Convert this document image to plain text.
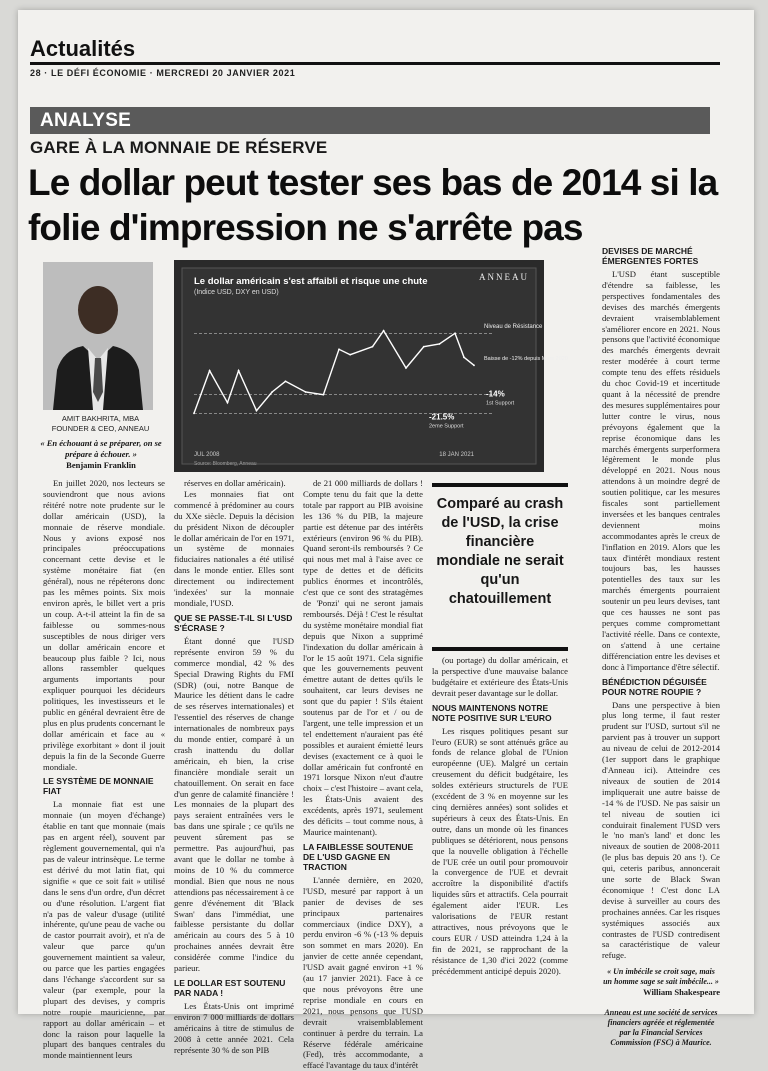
Actualités
28 · LE DÉFI ÉCONOMIE · MERCREDI 20 JANVIER 2021
ANALYSE
GARE À LA MONNAIE DE RÉSERVE
Le dollar peut tester ses bas de 2014 si la folie d'impression ne s'arrête pas
AMIT BAKHRITA, MBA
FOUNDER & CEO, ANNEAU
« En échouant à se préparer, on se prépare à échouer. »
Benjamin Franklin
Le dollar américain s'est affaibli et risque une chute
(Indice USD, DXY en USD)
ANNEAU
Niveau de Résistance
Baisse de -12% depuis Mars 2020
-14%
1st Support
-21.5%
2eme Support
JUL 2008	18 JAN 2021
Source: Bloomberg, Anneau
Comparé au crash de l'USD, la crise financière mondiale ne serait qu'un chatouillement

En juillet 2020, nos lecteurs se souviendront que nous avions réitéré notre note prudente sur le dollar américain (USD), la monnaie de réserve mondiale. Nous y avions exposé nos principales préoccupations concernant cette devise et le système monétaire fiat (en général), nous ne répéterons donc pas les mêmes points. Six mois environ après, le billet vert a pris un coup. A-t-il atteint la fin de sa faiblesse ou sommes-nous susceptibles de nous diriger vers un dollar américain encore et beaucoup plus faible ? Ici, nous allons rassembler quelques arguments importants pour expliquer pourquoi les décideurs politiques, les investisseurs et le public en général devraient être de plus en plus prudents concernant le dollar américain et face au « privilège exorbitant » dont il jouit depuis la fin de la Seconde Guerre mondiale.

LE SYSTÈME DE MONNAIE FIAT

La monnaie fiat est une monnaie (un moyen d'échange) établie en tant que monnaie (mais pas en argent réel), souvent par règlement gouvernemental, qui n'a pas de valeur intrinsèque. Le terme est dérivé du mot latin fiat, qui signifie « que ce soit fait » utilisé dans le sens d'un ordre, d'un décret ou d'une résolution. L'argent fiat n'a pas de valeur d'usage (utilité inhérente, qu'une peau de vache ou de castor pourrait avoir), et n'a de valeur que parce qu'un gouvernement maintient sa valeur, ou parce que les parties engagées dans l'échange s'accordent sur sa valeur (par exemple, pour la plupart des devises, y compris notre roupie mauricienne, par rapport au dollar américain – et donc la raison pour laquelle la plupart des banques centrales du monde maintiennent leurs

réserves en dollar américain).

Les monnaies fiat ont commencé à prédominer au cours du XXe siècle. Depuis la décision du président Nixon de découpler le dollar américain de l'or en 1971, un système de monnaies fiduciaires nationales a été utilisé dans le monde entier. Elles sont directement ou indirectement 'indexées' sur la monnaie mondiale, l'USD.

QUE SE PASSE-T-IL SI L'USD S'ÉCRASE ?

Étant donné que l'USD représente environ 59 % du commerce mondial, 42 % des Special Drawing Rights du FMI (SDR) (oui, notre Banque de Maurice les détient dans le cadre de ses réserves internationales) et l'essentiel des réserves de change internationales de nombreux pays du monde entier, comparé à un crash inattendu du dollar américain, eh bien, la crise financière mondiale serait un chatouillement. On serait en face d'un genre de calamité financière ! Les monnaies de la plupart des pays seraient entraînées vers le bas dans une spirale ; ce qu'ils ne peuvent sûrement pas se permettre. Pas aujourd'hui, pas avant que le dollar ne tombe à moins de 10 % du commerce mondial. Bien que nous ne nous attendions pas nécessairement à ce genre d'événement dit 'Black Swan' dans l'immédiat, une faiblesse persistante du dollar américain au cours des 5 à 10 prochaines années devrait être considérée comme l'indice du parieur.

LE DOLLAR EST SOUTENU PAR NADA !

Les États-Unis ont imprimé environ 7 000 milliards de dollars américains à titre de stimulus de 2008 à cette année 2021. Cela représente 30 % de son PIB

de 21 000 milliards de dollars ! Compte tenu du fait que la dette totale par rapport au PIB avoisine les 136 % du PIB, la majeure partie est détenue par des intérêts extérieurs (environ 96 % du PIB). Quand seront-ils remboursés ? Ce qui nous met mal à l'aise avec ce type de dettes et de déficits publics énormes et incontrôlés, c'est que ce sont des stratagèmes de 'Ponzi' qui ne seront jamais remboursés. Déjà ! C'est le résultat du système monétaire mondial fiat depuis que Nixon a supprimé l'indexation du dollar américain à l'or le 15 août 1971. Cela signifie que les gouvernements peuvent émettre autant de dettes qu'ils le souhaitent, car leurs devises ne sont que du papier ! S'ils étaient soutenus par de l'or et / ou de l'argent, une telle impression et un tel endettement n'auraient pas été possibles et auraient émietté leurs devises (exactement ce à quoi le dollar américain fut confronté en 1971 lorsque Nixon n'eut d'autre choix – c'est l'histoire – avant cela, les États-Unis avaient des excédents, après 1971, seulement des déficits – tout comme nous, à Maurice maintenant).

LA FAIBLESSE SOUTENUE DE L'USD GAGNE EN TRACTION

L'année dernière, en 2020, l'USD, mesuré par rapport à un panier de devises de ses principaux partenaires commerciaux (indice DXY), a perdu environ -6 % (-13 % depuis son sommet en mars 2020). En janvier de cette année cependant, l'USD avait gagné environ +1 % (au 17 janvier 2021). Face à ce que nous prévoyons être une reprise mondiale en cours en 2021, nous pensons que l'USD devrait vraisemblablement continuer à perdre du terrain. La Réserve fédérale américaine (Fed), très accommodante, a effacé l'avantage du taux d'intérêt

(ou portage) du dollar américain, et la perspective d'une mauvaise balance budgétaire et extérieure des États-Unis devrait peser davantage sur le dollar.

NOUS MAINTENONS NOTRE NOTE POSITIVE SUR L'EURO

Les risques politiques pesant sur l'euro (EUR) se sont atténués grâce au fonds de relance global de l'Union européenne (UE). Malgré un certain creusement du déficit budgétaire, les soldes extérieurs structurels de l'UE (excédent de 3 % en moyenne sur les cinq dernières années) sont solides et supérieurs à ceux des États-Unis. En outre, dans un monde où les finances publiques se détériorent, nous pensons que la nouvelle obligation à l'échelle de l'UE crée un outil pour promouvoir la convergence de l'UE et devrait accroître la disponibilité d'actifs liquides sûrs et attractifs. Cela pourrait également aider l'EUR. Les valorisations de l'EUR restant attractives, nous prévoyons que le cours EUR / USD atteindra 1,24 à la fin de 2021, se rapprochant de la résistance de 1,30 d'ici 2022 (comme précédemment anticipé depuis 2020).

DEVISES DE MARCHÉ ÉMERGENTES FORTES

L'USD étant susceptible d'étendre sa faiblesse, les perspectives fondamentales des devises des marchés émergents devraient vraisemblablement s'améliorer encore en 2021. Nous pensons que l'activité économique des marchés émergents devrait rester modérée à court terme compte tenu des effets résiduels du choc Covid-19 et incertitude quant à la nécessité de prendre des mesures supplémentaires pour lutter contre le virus, nous prévoyons également que la reprise économique dans les marchés émergents surperformera légèrement le monde plus développé en 2021. Nous nous attendons à un moindre degré de soutien politique, car les mesures fiscales sont partiellement inversées et les banques centrales deviennent moins accommodantes après le creux de l'inflation en 2019. Alors que les taux d'intérêt mondiaux restent toujours bas, les hausses potentielles des taux sur les marchés émergents pourraient soutenir un peu leurs devises, tant que ces hausses ne sont pas perçues comme compromettant l'activité réelle. Dans ce contexte, on s'attend à une certaine différenciation entre les devises et donc à l'importance d'être sélectif.

BÉNÉDICTION DÉGUISÉE POUR NOTRE ROUPIE ?

Dans une perspective à bien plus long terme, il faut rester prudent sur l'USD, surtout s'il ne parvient pas à trouver un support au niveau de celui de 2012-2014 (1er support dans le graphique d'Anneau ici). Atteindre ces niveaux de soutien de 2014 impliquerait une autre baisse de -14 % de l'USD. Ne pas saisir un tel niveau de soutien ici conduirait finalement l'USD vers le 'no man's land' et donc les niveaux de soutien de 2008-2011 (le plus bas depuis 20 ans !). Ce qui, ceteris paribus, annoncerait une sorte de Black Swan économique ! C'est donc LA devise à surveiller au cours des prochaines années. Car les risques systémiques associés aux contrastes de l'USD contredisent sa caractéristique de valeur refuge.

« Un imbécile se croit sage, mais un homme sage se sait imbécile... »
William Shakespeare
Anneau est une société de services financiers agréée et réglementée par la Financial Services Commission (FSC) à Maurice.
